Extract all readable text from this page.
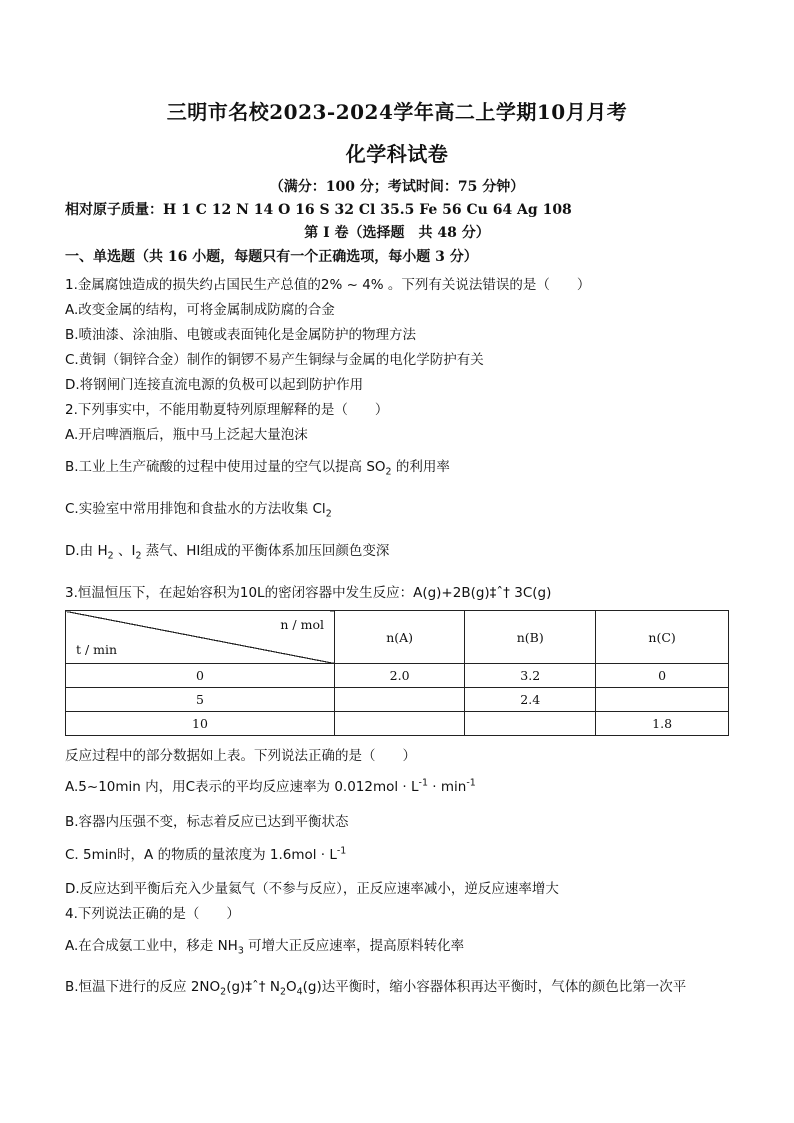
三明市名校2023-2024学年高二上学期10月月考
化学科试卷
（满分：100 分；考试时间：75 分钟）
相对原子质量：H 1 C 12 N 14 O 16 S 32 Cl 35.5 Fe 56 Cu 64 Ag 108
第 I 卷（选择题　共 48 分）
一、单选题（共 16 小题，每题只有一个正确选项，每小题 3 分）
1.金属腐蚀造成的损失约占国民生产总值的2% ~ 4% 。下列有关说法错误的是（　　）
A.改变金属的结构，可将金属制成防腐的合金
B.喷油漆、涂油脂、电镀或表面钝化是金属防护的物理方法
C.黄铜（铜锌合金）制作的铜锣不易产生铜绿与金属的电化学防护有关
D.将钢闸门连接直流电源的负极可以起到防护作用
2.下列事实中，不能用勒夏特列原理解释的是（　　）
A.开启啤酒瓶后，瓶中马上泛起大量泡沫
B.工业上生产硫酸的过程中使用过量的空气以提高 $SO_2$ 的利用率
C.实验室中常用排饱和食盐水的方法收集 $Cl_2$
D.由 $H_2$ 、$I_2$ 蒸气、HI组成的平衡体系加压回颜色变深
3.恒温恒压下，在起始容积为10L的密闭容器中发生反应：A(g)+2B(g)‡ˆ† 3C(g)
n / mol
t / min	n(A)	n(B)	n(C)
0	2.0	3.2	0
5		2.4	
10			1.8
反应过程中的部分数据如上表。下列说法正确的是（　　）
A.5~10min 内，用C表示的平均反应速率为 $0.012mol \cdot L^{-1} \cdot \min^{-1}$
B.容器内压强不变，标志着反应已达到平衡状态
C. 5min时，A 的物质的量浓度为 $1.6mol \cdot L^{-1}$
D.反应达到平衡后充入少量氦气（不参与反应），正反应速率减小，逆反应速率增大
4.下列说法正确的是（　　）
A.在合成氨工业中，移走 $NH_3$ 可增大正反应速率，提高原料转化率
B.恒温下进行的反应 $2NO_2(g)\ddagger ˆ\dagger$ $N_2O_4(g)$达平衡时，缩小容器体积再达平衡时，气体的颜色比第一次平
